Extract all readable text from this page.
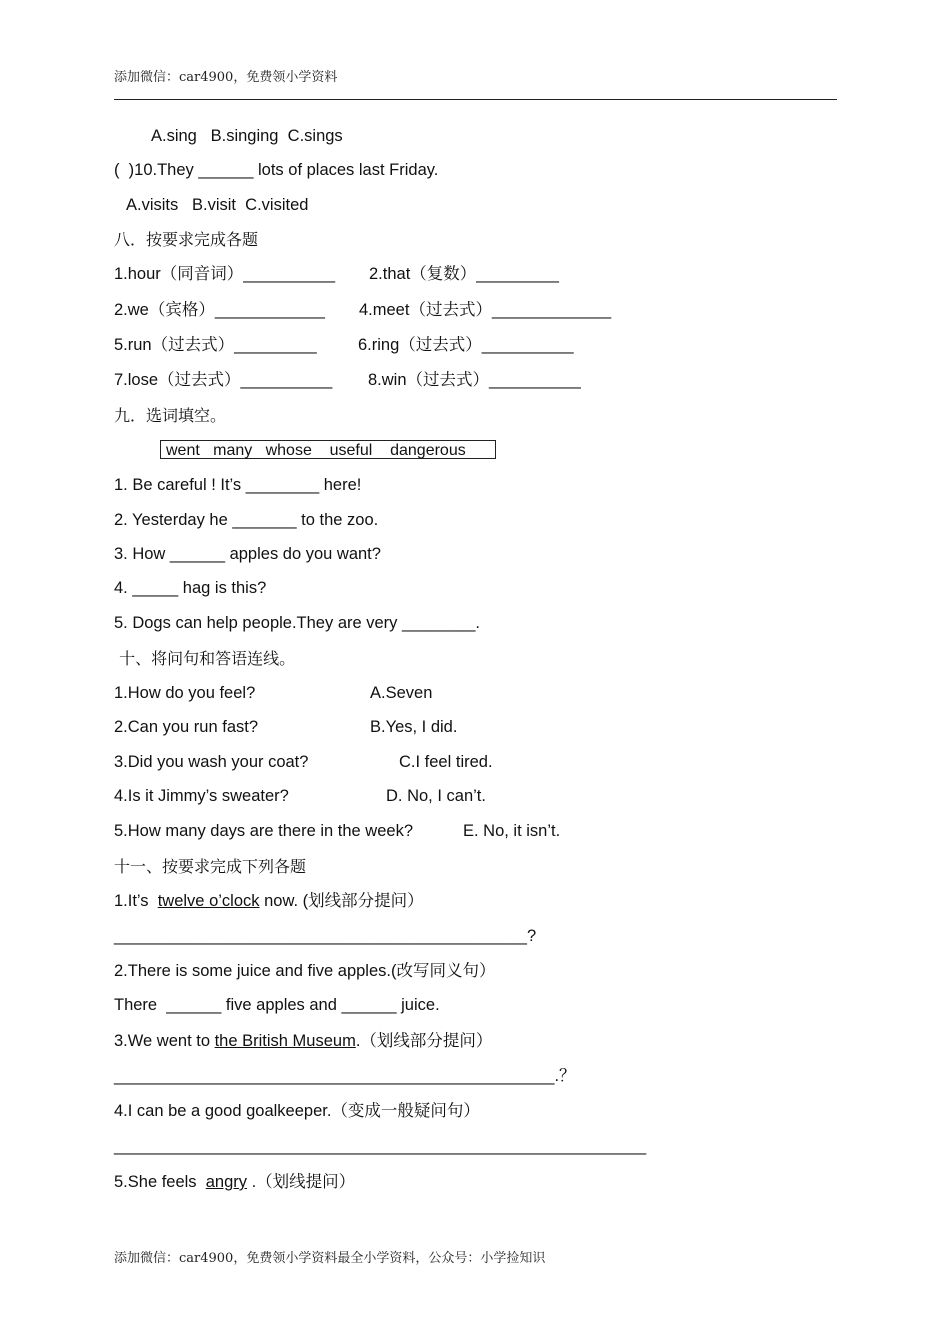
添加微信：car4900，免费领小学资料
A.sing   B.singing  C.sings
(  )10.They ______ lots of places last Friday.
A.visits   B.visit  C.visited
八．按要求完成各题
1.hour（同音词）__________ 2.that（复数）_________
2.we（宾格）____________ 4.meet（过去式）_____________
5.run（过去式）_________	6.ring（过去式）__________
7.lose（过去式）__________ 8.win（过去式）__________
九．选词填空。
went   many   whose    useful    dangerous
1. Be careful ! It’s ________ here!
2. Yesterday he _______ to the zoo.
3. How ______ apples do you want?
4. _____ hag is this?
5. Dogs can help people.They are very ________.
十、将问句和答语连线。
1.How do you feel?	A.Seven
2.Can you run fast?	B.Yes, I did.
3.Did you wash your coat?	C.I feel tired.
4.Is it Jimmy’s sweater?	D. No, I can’t.
5.How many days are there in the week?	E. No, it isn’t.
十一、按要求完成下列各题
1.It’s  twelve o’clock now. (划线部分提问）
_____________________________________________?
2.There is some juice and five apples.(改写同义句）
There  ______ five apples and ______ juice.
3.We went to the British Museum.（划线部分提问）
________________________________________________.？
4.I can be a good goalkeeper.（变成一般疑问句）
__________________________________________________________
5.She feels  angry .（划线提问）
添加微信：car4900，免费领小学资料最全小学资料，公众号：小学捡知识
